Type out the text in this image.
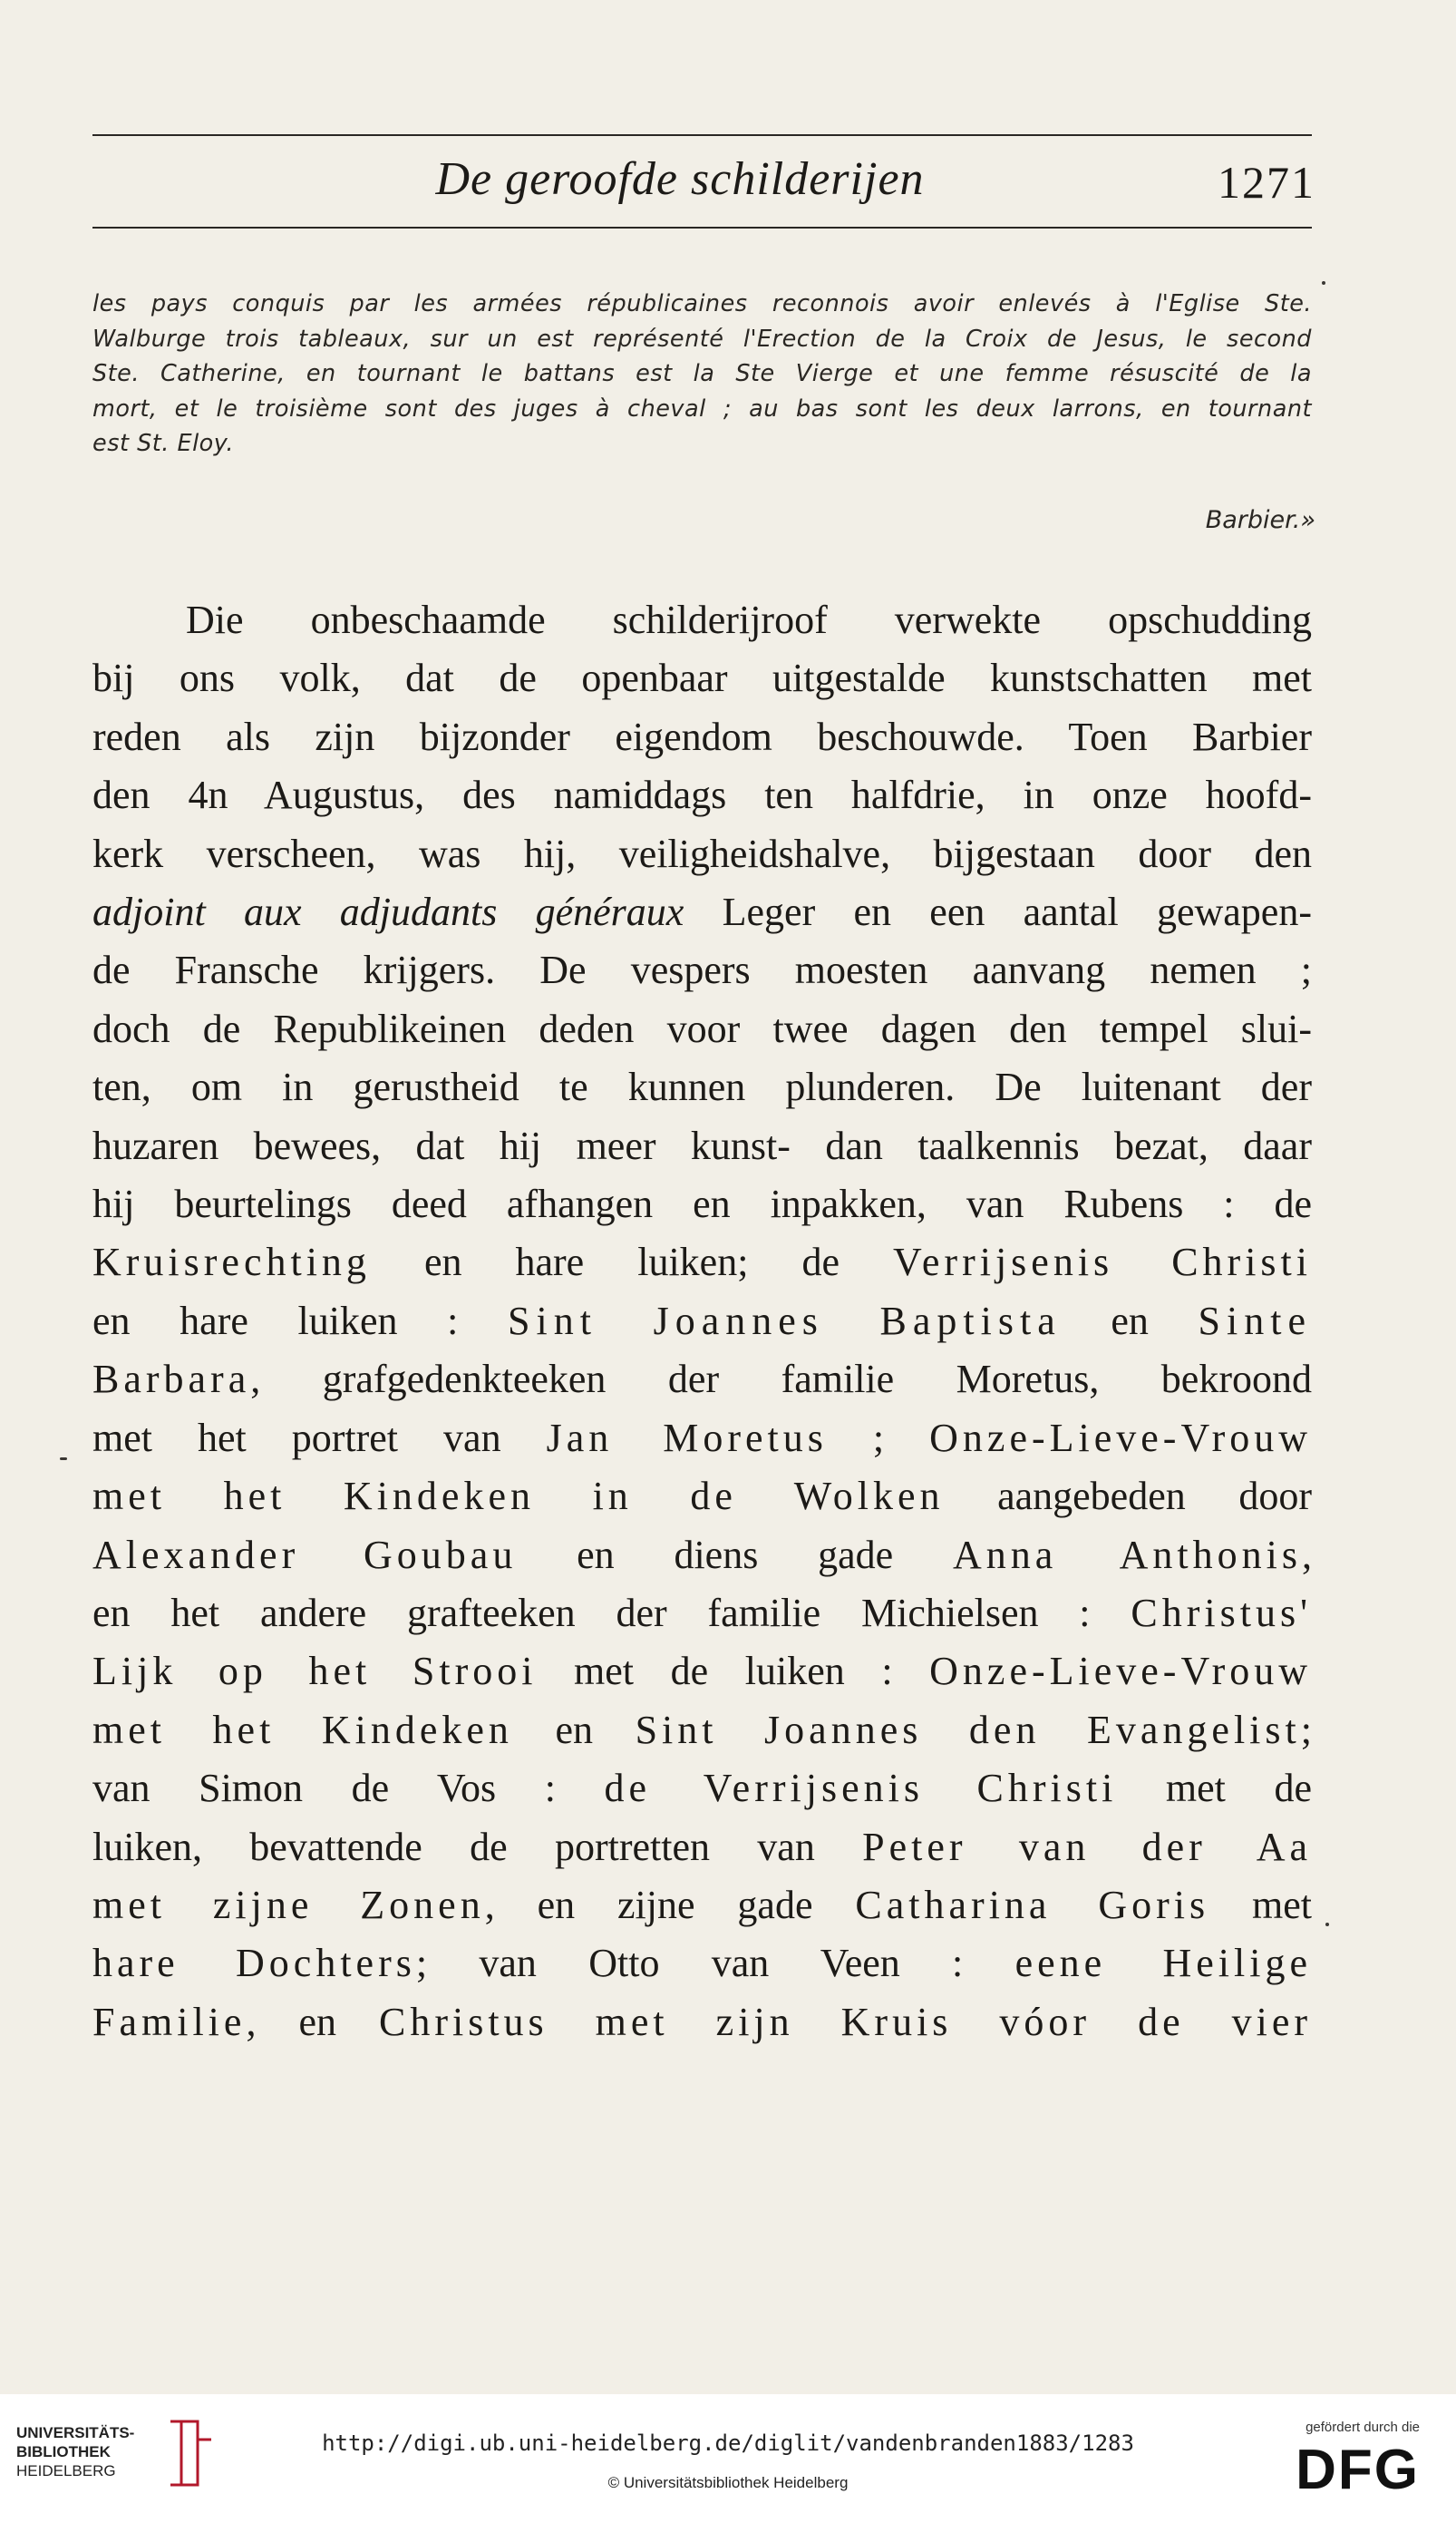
De geroofde schilderijen	1271
les pays conquis par les armées républicaines reconnois avoir enlevés à l'Eglise Ste.
Walburge trois tableaux, sur un est représenté l'Erection de la Croix de Jesus, le second
Ste. Catherine, en tournant le battans est la Ste Vierge et une femme résuscité de la
mort, et le troisième sont des juges à cheval ; au bas sont les deux larrons, en tournant
est St. Eloy.
Barbier.»
Die onbeschaamde schilderijroof verwekte opschudding
bij ons volk, dat de openbaar uitgestalde kunstschatten met
reden als zijn bijzonder eigendom beschouwde. Toen Barbier
den 4n Augustus, des namiddags ten halfdrie, in onze hoofd-
kerk verscheen, was hij, veiligheidshalve, bijgestaan door den
adjoint aux adjudants généraux Leger en een aantal gewapen-
de Fransche krijgers. De vespers moesten aanvang nemen ;
doch de Republikeinen deden voor twee dagen den tempel slui-
ten, om in gerustheid te kunnen plunderen. De luitenant der
huzaren bewees, dat hij meer kunst- dan taalkennis bezat, daar
hij beurtelings deed afhangen en inpakken, van Rubens : de
Kruisrechting en hare luiken; de Verrijsenis Christi
en hare luiken : Sint Joannes Baptista en Sinte
Barbara, grafgedenkteeken der familie Moretus, bekroond
met het portret van Jan Moretus ; Onze-Lieve-Vrouw
met het Kindeken in de Wolken aangebeden door
Alexander Goubau en diens gade Anna Anthonis,
en het andere grafteeken der familie Michielsen : Christus'
Lijk op het Strooi met de luiken : Onze-Lieve-Vrouw
met het Kindeken en Sint Joannes den Evangelist;
van Simon de Vos : de Verrijsenis Christi met de
luiken, bevattende de portretten van Peter van der Aa
met zijne Zonen, en zijne gade Catharina Goris met
hare Dochters; van Otto van Veen : eene Heilige
Familie, en Christus met zijn Kruis vóor de vier
UNIVERSITÄTS-
BIBLIOTHEK
HEIDELBERG
http://digi.ub.uni-heidelberg.de/diglit/vandenbranden1883/1283
© Universitätsbibliothek Heidelberg
gefördert durch die
DFG
